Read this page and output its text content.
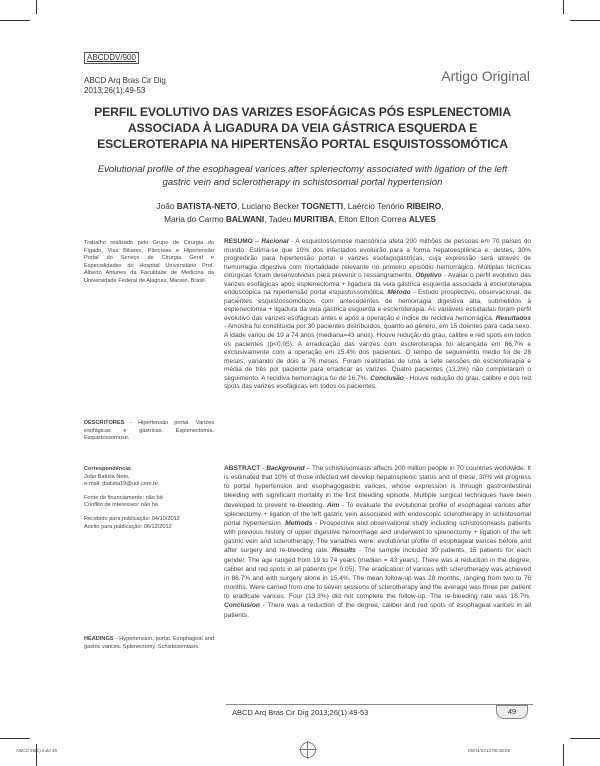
ABCDDV/900
ABCD Arq Bras Cir Dig
2013;26(1):49-53
Artigo Original
PERFIL EVOLUTIVO DAS VARIZES ESOFÁGICAS PÓS ESPLENECTOMIA
ASSOCIADA À LIGADURA DA VEIA GÁSTRICA ESQUERDA E
ESCLEROTERAPIA NA HIPERTENSÃO PORTAL ESQUISTOSSOMÓTICA
Evolutional profile of the esophageal varices after splenectomy associated with ligation of the left gastric vein and sclerotherapy in schistosomal portal hypertension
João BATISTA-NETO, Luciano Becker TOGNETTI, Laércio Tenório RIBEIRO,
Maria do Carmo BALWANI, Tadeu MURITIBA, Elton Elton Correa ALVES

Trabalho realizado pelo Grupo de Cirurgia do Fígado, Vias Biliares, Pâncreas e Hipertensão Portal do Serviço de Cirurgia Geral e Especialidades do Hospital Universitário Prof. Alberto Antunes da Faculdade de Medicina da Universidade Federal de Alagoas, Maceió, Brasil.

DESCRITORES - Hipertensão portal. Varizes esofágicas e gástricas. Esplenectomia. Esquistossomose.

Correspondência:

João Batista Neto,

e-mail: jbatista19@uol.com.br

Fonte de financiamento: não há

Conflito de interesses: não há

Recebido para publicação: 04/10/2012

Aceito para publicação: 06/12/2012

HEADINGS - Hypertension, portal. Esophageal and gastric varices. Splenectomy. Schistosomiasis.

RESUMO – Racional - A esquistossomose mansônica afeta 200 milhões de pessoas em 70 países do mundo. Estima-se que 10% dos infectados evoluirão para a forma hepatoesplênica e, destes, 30% progredirão para hipertensão portal e varizes esofagogástricas, cuja expressão será através de hemorragia digestiva com mortalidade relevante no primeiro episódio hemorrágico. Múltiplas técnicas cirúrgicas foram desenvolvidas para prevenir o ressangramento. Objetivo - Avaliar o perfil evolutivo das varizes esofágicas após esplenectomia + ligadura da veia gástrica esquerda associada à escleroterapia endoscópica na hipertensão portal esquistossomótica. Método - Estudo prospectivo, observacional, de pacientes esquistossomóticos com antecedentes de hemorragia digestiva alta, submetidos à esplenectomia + ligadura da veia gástrica esquerda e escleroterapia. As variáveis estudadas foram perfil evolutivo das varizes esofágicas antes e após a operação e índice de recidiva hemorrágica. Resultados - Amostra foi constituída por 30 pacientes distribuídos, quanto ao gênero, em 15 doentes para cada sexo. A idade variou de 19 a 74 anos (mediana=43 anos). Houve redução do grau, calibre e red spots em todos os pacientes (p<0,05). A erradicação das varizes com escleroterapia foi alcançada em 86,7% e exclusivamente com a operação em 15,4% dos pacientes. O tempo de seguimento médio foi de 28 meses, variando de dois a 76 meses. Foram realizadas de uma a sete sessões de escleroterapia e média de três por paciente para erradicar as varizes. Quatro pacientes (13,3%) não completaram o seguimento. A recidiva hemorrágica foi de 16,7%. Conclusão - Houve redução do grau, calibre e dos red spots das varizes esofágicas em todos os pacientes.
ABSTRACT - Background – The schistosomiasis affects 200 million people in 70 countries worldwide. It is estimated that 10% of those infected will develop hepatosplenic status and of these, 30% will progress to portal hypertension and esophagogastric varices, whose expression is through gastrointestinal bleeding with significant mortality in the first bleeding episode. Multiple surgical techniques have been developed to prevent re-bleeding. Aim - To evaluate the evolutional profile of esophageal varices after splenectomy + ligation of the left gastric vein associated with endoscopic sclerotherapy in schistosomal portal hypertension. Methods - Prospective and observational study including schistosomiasis patients with previous history of upper digestive hemorrhage and underwent to splenectomy + ligation of the left gastric vein and sclerotherapy. The variables were: evolutional profile of esophageal varices before and after surgery and re-bleeding rate. Results - The sample included 30 patients, 15 patients for each gender. The age ranged from 19 to 74 years (median = 43 years). There was a reduction in the degree, caliber and red spots in all patients (p< 0.05). The eradication of varices with sclerotherapy was achieved in 86.7% and with surgery alone in 15.4%. The mean follow-up was 28 months, ranging from two to 76 months. Were carried from one to seven sessions of sclerotherapy and the average was three per patient to eradicate varices. Four (13.3%) did not complete the follow-up. The re-bleeding rate was 16.7%. Conclusion - There was a reduction of the degree, caliber and red spots of esophageal varices in all patients.
ABCD Arq Bras Cir Dig 2013;26(1):49-53	49
ABCD 26(1).indd 49	05/04/2013 08:48:55
